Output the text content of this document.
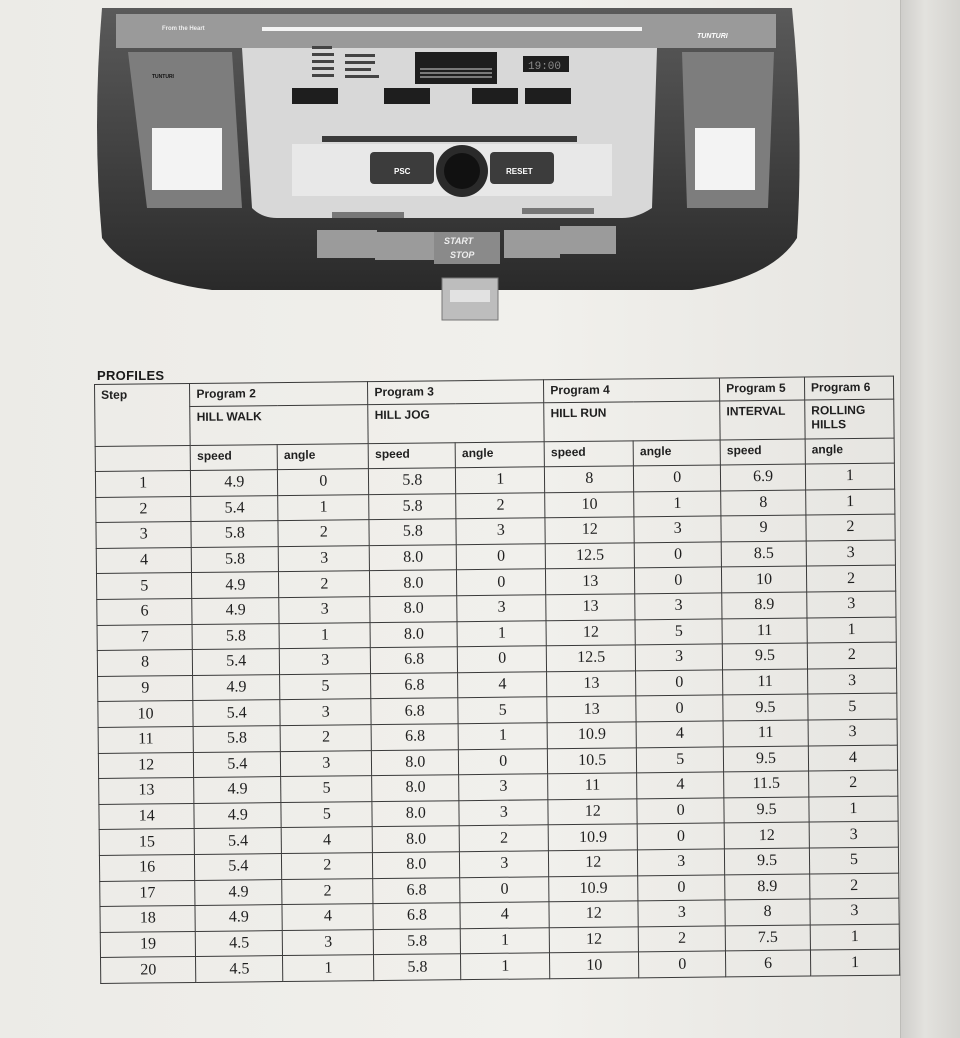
From the Heart
TUNTURI
19:00
PSC	RESET
TUNTURI
START
STOP
PROFILES
Step	Program 2		Program 3		Program 4		Program 5	Program 6
	HILL WALK		HILL JOG		HILL RUN		INTERVAL	ROLLING HILLS
	speed	angle	speed	angle	speed	angle	speed	angle
1	4.9	0	5.8	1	8	0	6.9	1
2	5.4	1	5.8	2	10	1	8	1
3	5.8	2	5.8	3	12	3	9	2
4	5.8	3	8.0	0	12.5	0	8.5	3
5	4.9	2	8.0	0	13	0	10	2
6	4.9	3	8.0	3	13	3	8.9	3
7	5.8	1	8.0	1	12	5	11	1
8	5.4	3	6.8	0	12.5	3	9.5	2
9	4.9	5	6.8	4	13	0	11	3
10	5.4	3	6.8	5	13	0	9.5	5
11	5.8	2	6.8	1	10.9	4	11	3
12	5.4	3	8.0	0	10.5	5	9.5	4
13	4.9	5	8.0	3	11	4	11.5	2
14	4.9	5	8.0	3	12	0	9.5	1
15	5.4	4	8.0	2	10.9	0	12	3
16	5.4	2	8.0	3	12	3	9.5	5
17	4.9	2	6.8	0	10.9	0	8.9	2
18	4.9	4	6.8	4	12	3	8	3
19	4.5	3	5.8	1	12	2	7.5	1
20	4.5	1	5.8	1	10	0	6	1
